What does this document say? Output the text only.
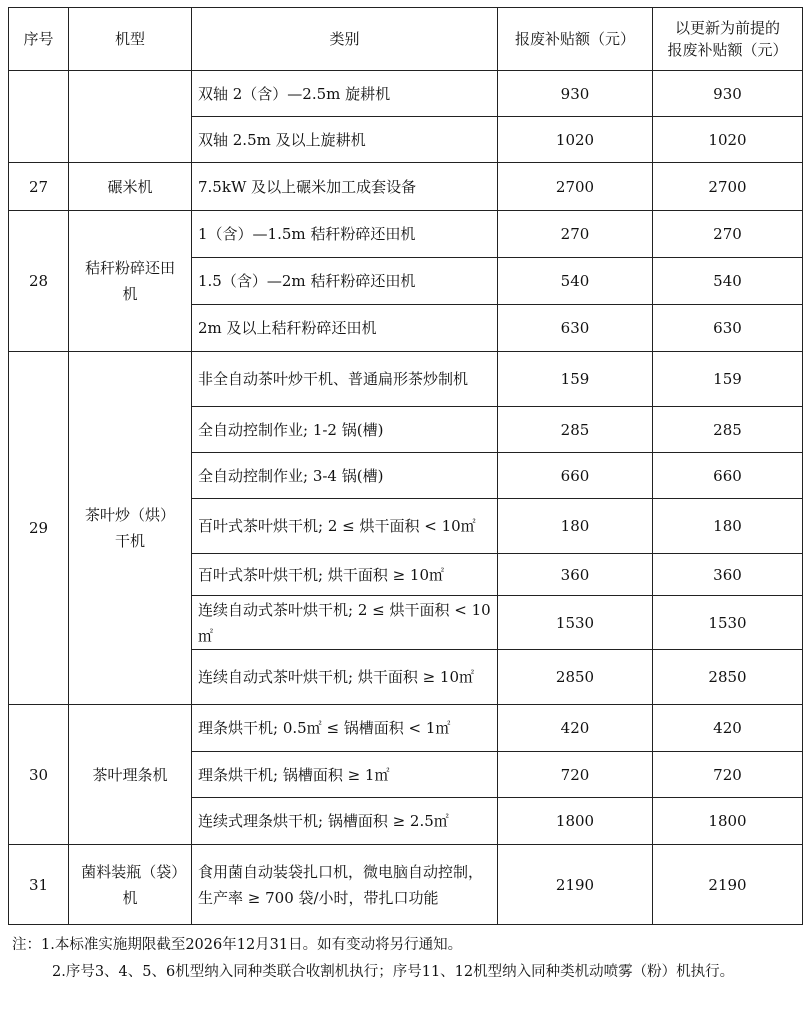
序号	机型	类别	报废补贴额（元）	以更新为前提的
报废补贴额（元）
		双轴 2（含）—2.5m 旋耕机	930	930
		双轴 2.5m 及以上旋耕机	1020	1020
27	碾米机	7.5kW 及以上碾米加工成套设备	2700	2700
28	秸秆粉碎还田机	1（含）—1.5m 秸秆粉碎还田机	270	270
		1.5（含）—2m 秸秆粉碎还田机	540	540
		2m 及以上秸秆粉碎还田机	630	630
29	茶叶炒（烘）干机	非全自动茶叶炒干机、普通扁形茶炒制机	159	159
		全自动控制作业; 1-2 锅(槽)	285	285
		全自动控制作业; 3-4 锅(槽)	660	660
		百叶式茶叶烘干机; 2 ≤ 烘干面积 < 10㎡	180	180
		百叶式茶叶烘干机; 烘干面积 ≥ 10㎡	360	360
		连续自动式茶叶烘干机; 2 ≤ 烘干面积 < 10㎡	1530	1530
		连续自动式茶叶烘干机; 烘干面积 ≥ 10㎡	2850	2850
30	茶叶理条机	理条烘干机; 0.5㎡ ≤ 锅槽面积 < 1㎡	420	420
		理条烘干机; 锅槽面积 ≥ 1㎡	720	720
		连续式理条烘干机; 锅槽面积 ≥ 2.5㎡	1800	1800
31	菌料装瓶（袋）机	食用菌自动装袋扎口机，微电脑自动控制，生产率 ≥ 700 袋/小时，带扎口功能	2190	2190
注：1.本标准实施期限截至2026年12月31日。如有变动将另行通知。
2.序号3、4、5、6机型纳入同种类联合收割机执行；序号11、12机型纳入同种类机动喷雾（粉）机执行。
